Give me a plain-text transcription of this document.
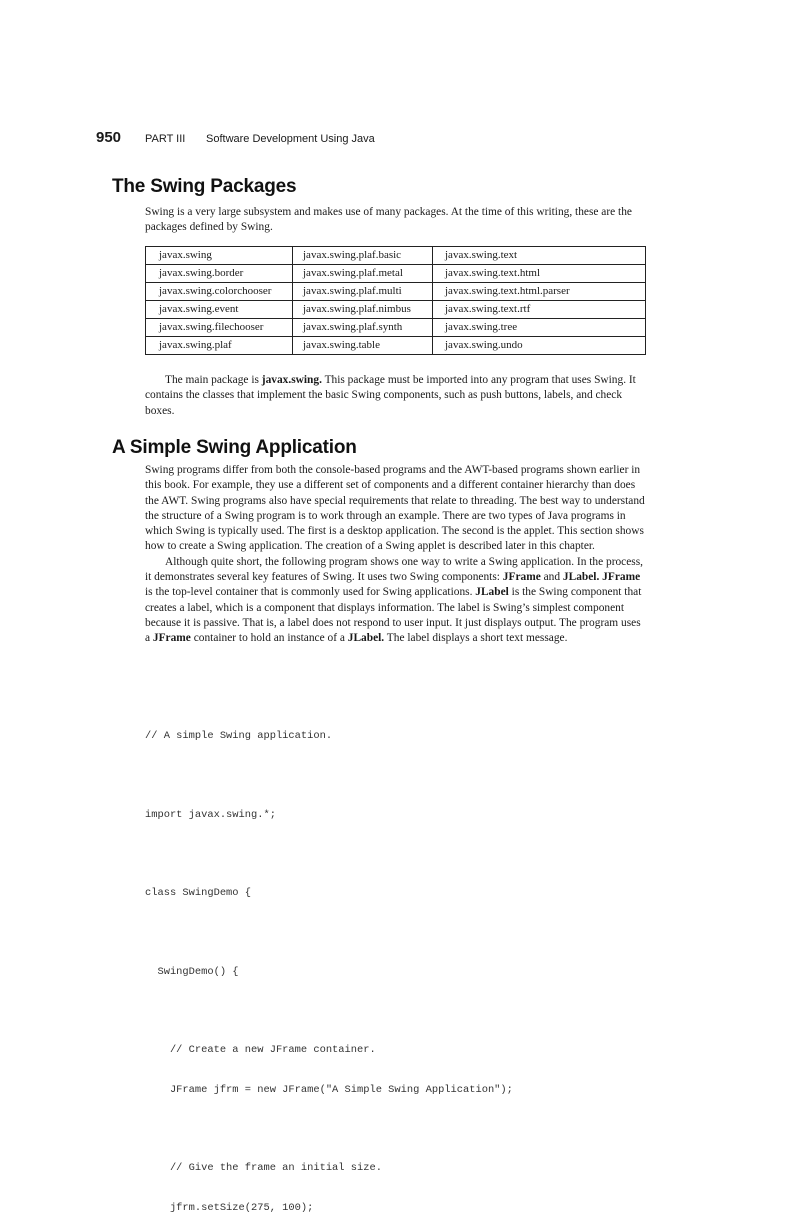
950	PART III	Software Development Using Java
The Swing Packages

Swing is a very large subsystem and makes use of many packages. At the time of this writing, these are the packages defined by Swing.

javax.swing	javax.swing.plaf.basic	javax.swing.text
javax.swing.border	javax.swing.plaf.metal	javax.swing.text.html
javax.swing.colorchooser	javax.swing.plaf.multi	javax.swing.text.html.parser
javax.swing.event	javax.swing.plaf.nimbus	javax.swing.text.rtf
javax.swing.filechooser	javax.swing.plaf.synth	javax.swing.tree
javax.swing.plaf	javax.swing.table	javax.swing.undo

The main package is javax.swing. This package must be imported into any program that uses Swing. It contains the classes that implement the basic Swing components, such as push buttons, labels, and check boxes.

A Simple Swing Application

Swing programs differ from both the console-based programs and the AWT-based programs shown earlier in this book. For example, they use a different set of components and a different container hierarchy than does the AWT. Swing programs also have special requirements that relate to threading. The best way to understand the structure of a Swing program is to work through an example. There are two types of Java programs in which Swing is typically used. The first is a desktop application. The second is the applet. This section shows how to create a Swing application. The creation of a Swing applet is described later in this chapter.

Although quite short, the following program shows one way to write a Swing application. In the process, it demonstrates several key features of Swing. It uses two Swing components: JFrame and JLabel. JFrame is the top-level container that is commonly used for Swing applications. JLabel is the Swing component that creates a label, which is a component that displays information. The label is Swing’s simplest component because it is passive. That is, a label does not respond to user input. It just displays output. The program uses a JFrame container to hold an instance of a JLabel. The label displays a short text message.

// A simple Swing application.

import javax.swing.*;

class SwingDemo {

SwingDemo() {

// Create a new JFrame container.

JFrame jfrm = new JFrame("A Simple Swing Application");

// Give the frame an initial size.

jfrm.setSize(275, 100);
